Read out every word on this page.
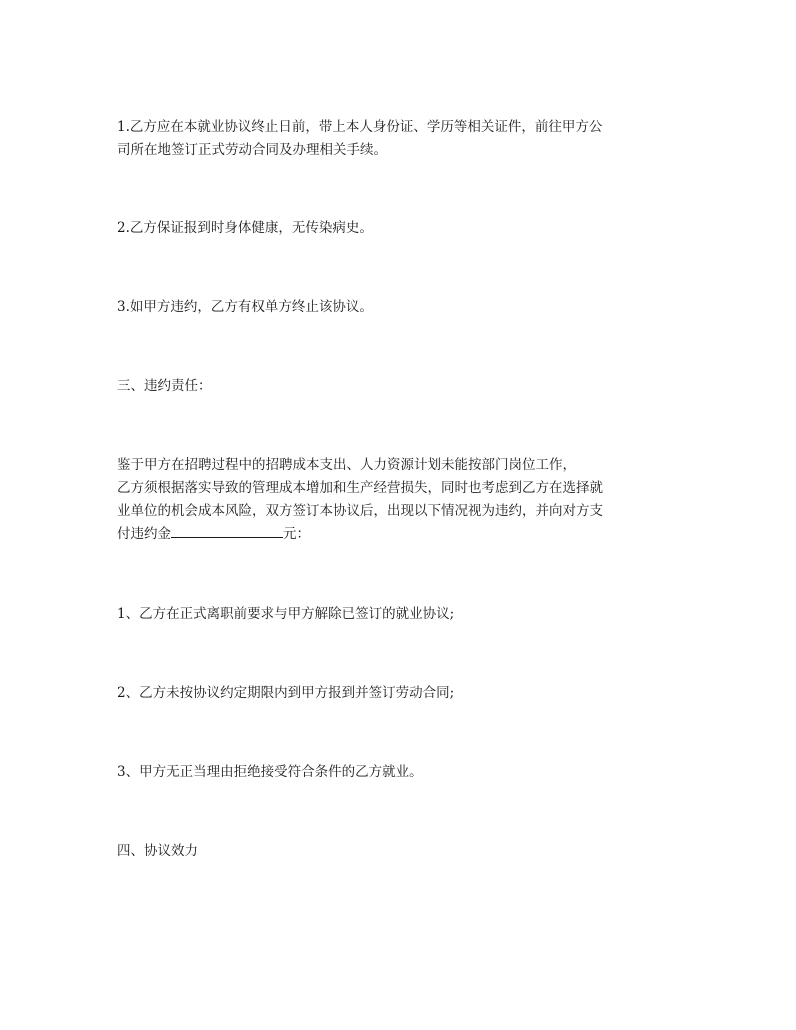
1.乙方应在本就业协议终止日前，带上本人身份证、学历等相关证件，前往甲方公
司所在地签订正式劳动合同及办理相关手续。

2.乙方保证报到时身体健康，无传染病史。

3.如甲方违约，乙方有权单方终止该协议。

三、违约责任：

鉴于甲方在招聘过程中的招聘成本支出、人力资源计划未能按部门岗位工作，
乙方须根据落实导致的管理成本增加和生产经营损失，同时也考虑到乙方在选择就
业单位的机会成本风险，双方签订本协议后，出现以下情况视为违约，并向对方支
付违约金	元：

1、乙方在正式离职前要求与甲方解除已签订的就业协议;

2、乙方未按协议约定期限内到甲方报到并签订劳动合同;

3、甲方无正当理由拒绝接受符合条件的乙方就业。

四、协议效力
